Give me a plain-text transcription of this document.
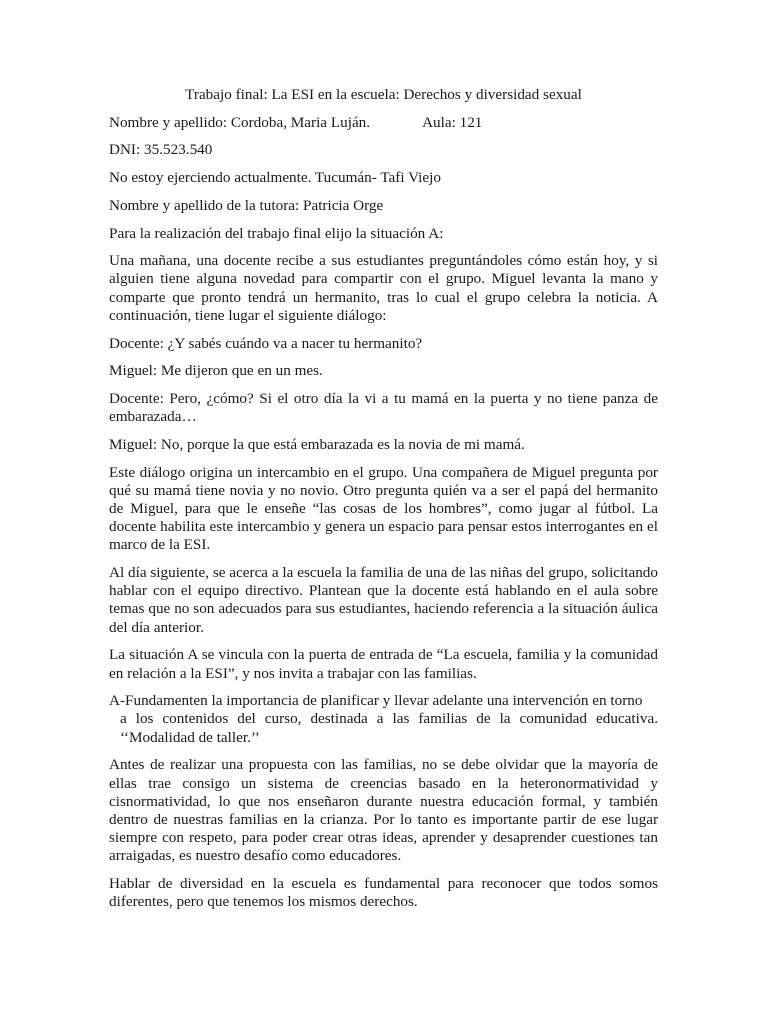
Trabajo final: La ESI en la escuela: Derechos y diversidad sexual
Nombre y apellido: Cordoba, Maria Luján.	Aula: 121
DNI: 35.523.540
No estoy ejerciendo actualmente. Tucumán- Tafi Viejo
Nombre y apellido de la tutora: Patricia Orge
Para la realización del trabajo final elijo la situación A:
Una mañana, una docente recibe a sus estudiantes preguntándoles cómo están hoy, y si alguien tiene alguna novedad para compartir con el grupo. Miguel levanta la mano y comparte que pronto tendrá un hermanito, tras lo cual el grupo celebra la noticia. A continuación, tiene lugar el siguiente diálogo:
Docente: ¿Y sabés cuándo va a nacer tu hermanito?
Miguel: Me dijeron que en un mes.
Docente: Pero, ¿cómo? Si el otro día la vi a tu mamá en la puerta y no tiene panza de embarazada…
Miguel: No, porque la que está embarazada es la novia de mi mamá.
Este diálogo origina un intercambio en el grupo. Una compañera de Miguel pregunta por qué su mamá tiene novia y no novio. Otro pregunta quién va a ser el papá del hermanito de Miguel, para que le enseñe “las cosas de los hombres”, como jugar al fútbol. La docente habilita este intercambio y genera un espacio para pensar estos interrogantes en el marco de la ESI.
Al día siguiente, se acerca a la escuela la familia de una de las niñas del grupo, solicitando hablar con el equipo directivo. Plantean que la docente está hablando en el aula sobre temas que no son adecuados para sus estudiantes, haciendo referencia a la situación áulica del día anterior.
La situación A se vincula con la puerta de entrada de “La escuela, familia y la comunidad en relación a la ESI”, y nos invita a trabajar con las familias.
A-Fundamenten la importancia de planificar y llevar adelante una intervención en torno
a los contenidos del curso, destinada a las familias de la comunidad educativa. ‘‘Modalidad de taller.’’
Antes de realizar una propuesta con las familias, no se debe olvidar que la mayoría de ellas trae consigo un sistema de creencias basado en la heteronormatividad y cisnormatividad, lo que nos enseñaron durante nuestra educación formal, y también dentro de nuestras familias en la crianza. Por lo tanto es importante partir de ese lugar siempre con respeto, para poder crear otras ideas, aprender y desaprender cuestiones tan arraigadas, es nuestro desafío como educadores.
Hablar de diversidad en la escuela es fundamental para reconocer que todos somos diferentes, pero que tenemos los mismos derechos.
